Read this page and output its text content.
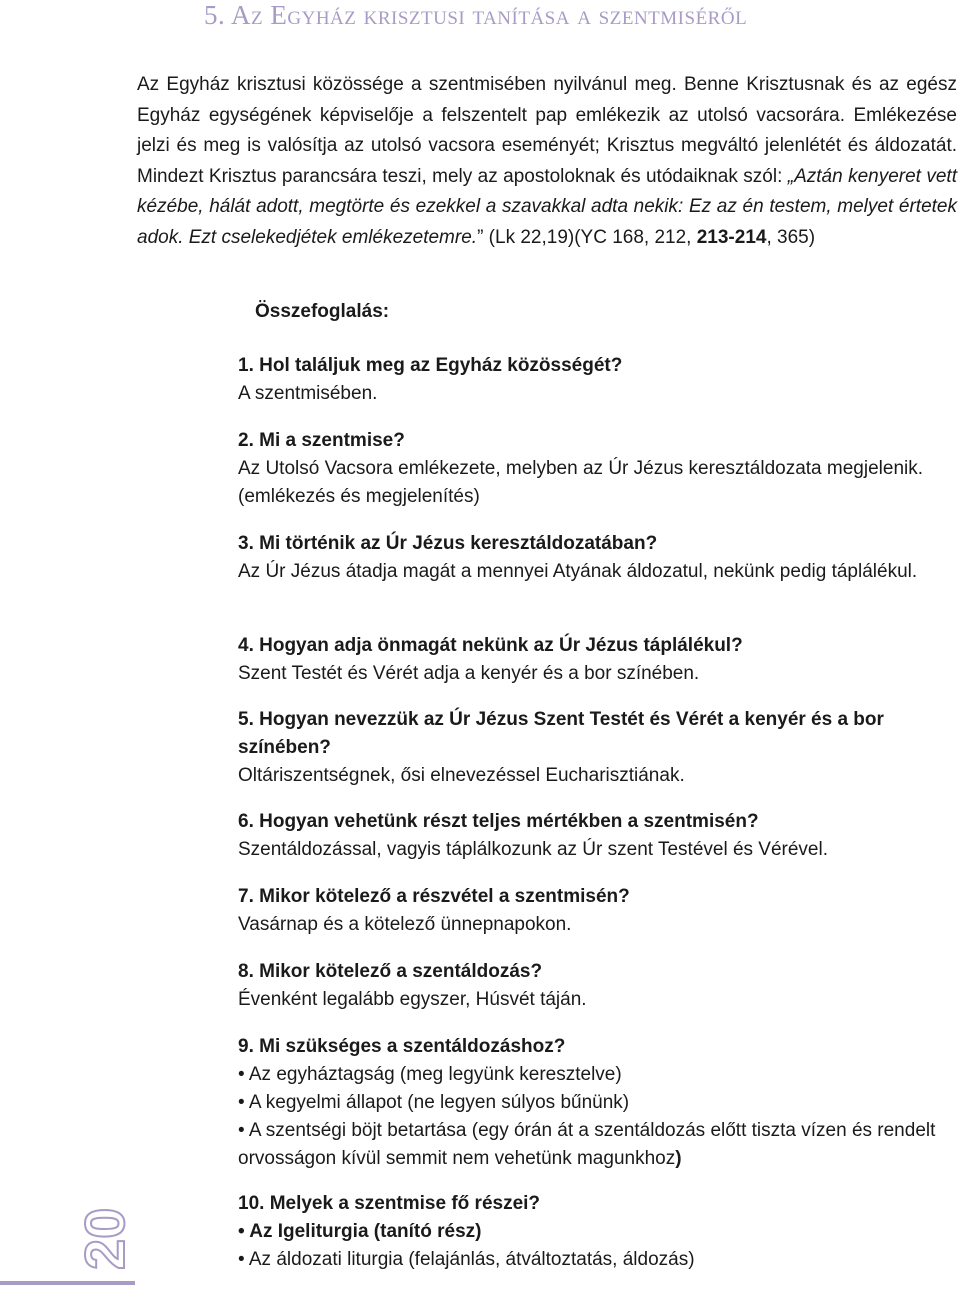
5. Az Egyház krisztusi tanítása a szentmiséről

Az Egyház krisztusi közössége a szentmisében nyilvánul meg. Benne Krisztusnak és az egész Egyház egységének képviselője a felszentelt pap emlékezik az utolsó vacsorára. Emlékezése jelzi és meg is valósítja az utolsó vacsora eseményét; Krisztus megváltó jelenlétét és áldozatát. Mindezt Krisztus parancsára teszi, mely az apostoloknak és utódaiknak szól: „Aztán kenyeret vett kézébe, hálát adott, megtörte és ezekkel a szavakkal adta nekik: Ez az én testem, melyet értetek adok. Ezt cselekedjétek emlékezetemre.” (Lk 22,19)(YC 168, 212, 213-214, 365)

Összefoglalás:

1. Hol találjuk meg az Egyház közösségét?
A szentmisében.
2. Mi a szentmise?
Az Utolsó Vacsora emlékezete, melyben az Úr Jézus keresztáldozata megjelenik. (emlékezés és megjelenítés)
3. Mi történik az Úr Jézus keresztáldozatában?
Az Úr Jézus átadja magát a mennyei Atyának áldozatul, nekünk pedig táplálékul.
4. Hogyan adja önmagát nekünk az Úr Jézus táplálékul?
Szent Testét és Vérét adja a kenyér és a bor színében.
5. Hogyan nevezzük az Úr Jézus Szent Testét és Vérét a kenyér és a bor színében?
Oltáriszentségnek, ősi elnevezéssel Eucharisztiának.
6. Hogyan vehetünk részt teljes mértékben a szentmisén?
Szentáldozással, vagyis táplálkozunk az Úr szent Testével és Vérével.
7. Mikor kötelező a részvétel a szentmisén?
Vasárnap és a kötelező ünnepnapokon.
8. Mikor kötelező a szentáldozás?
Évenként legalább egyszer, Húsvét táján.
9. Mi szükséges a szentáldozáshoz?
• Az egyháztagság (meg legyünk keresztelve)
• A kegyelmi állapot (ne legyen súlyos bűnünk)
• A szentségi böjt betartása (egy órán át a szentáldozás előtt tiszta vízen és rendelt orvosságon kívül semmit nem vehetünk magunkhoz)
10. Melyek a szentmise fő részei?
• Az Igeliturgia (tanító rész)
• Az áldozati liturgia (felajánlás, átváltoztatás, áldozás)
20
